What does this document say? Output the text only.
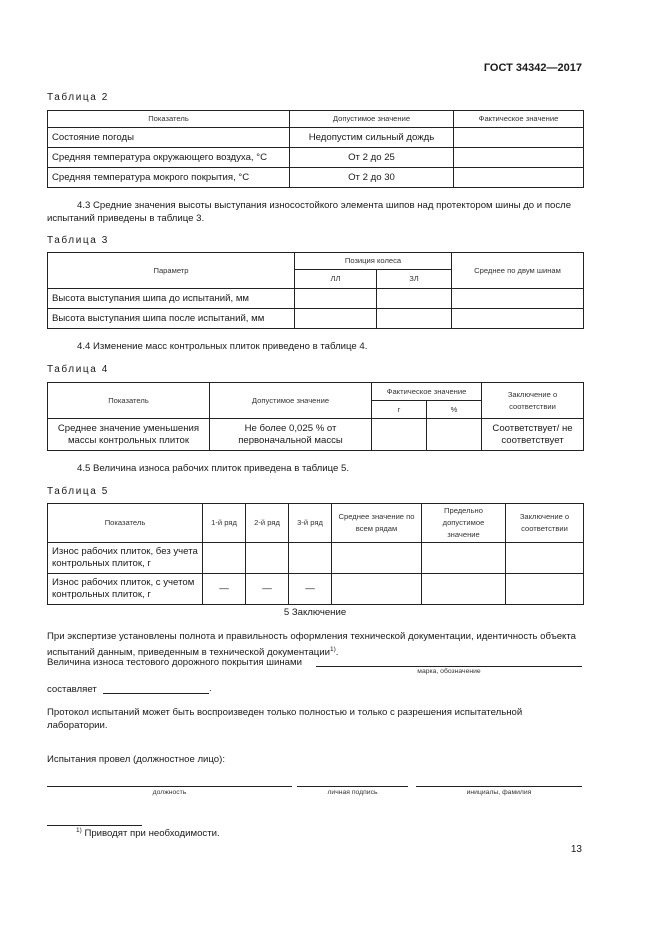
ГОСТ 34342—2017
Таблица 2
Показатель	Допустимое значение	Фактическое значение
Состояние погоды	Недопустим сильный дождь	
Средняя температура окружающего воздуха, °С	От 2 до 25	
Средняя температура мокрого покрытия, °С	От 2 до 30	
4.3 Средние значения высоты выступания износостойкого элемента шипов над протектором шины до и после испытаний приведены в таблице 3.
Таблица 3
Параметр	Позиция колеса		Среднее по двум шинам
	ЛЛ	ЗЛ	
Высота выступания шипа до испытаний, мм			
Высота выступания шипа после испытаний, мм			
4.4 Изменение масс контрольных плиток приведено в таблице 4.
Таблица 4
Показатель	Допустимое значение	Фактическое значение		Заключение о соответствии
		г	%	
Среднее значение уменьшения массы контрольных плиток	Не более 0,025 % от первоначальной массы			Соответствует/ не соответствует
4.5 Величина износа рабочих плиток приведена в таблице 5.
Таблица 5
Показатель	1-й ряд	2-й ряд	3-й ряд	Среднее значение по всем рядам	Предельно допустимое значение	Заключение о соответствии
Износ рабочих плиток, без учета контрольных плиток, г						
Износ рабочих плиток, с учетом контрольных плиток, г	—	—	—			
5 Заключение
При экспертизе установлены полнота и правильность оформления технической документации, идентичность объекта испытаний данным, приведенным в технической документации$^{1)}$.
Величина износа тестового дорожного покрытия шинами
марка, обозначение
составляет	.
Протокол испытаний может быть воспроизведен только полностью и только с разрешения испытательной лаборатории.
Испытания провел (должностное лицо):
должность	личная подпись	инициалы, фамилия
$^{1)}$ Приводят при необходимости.
13
